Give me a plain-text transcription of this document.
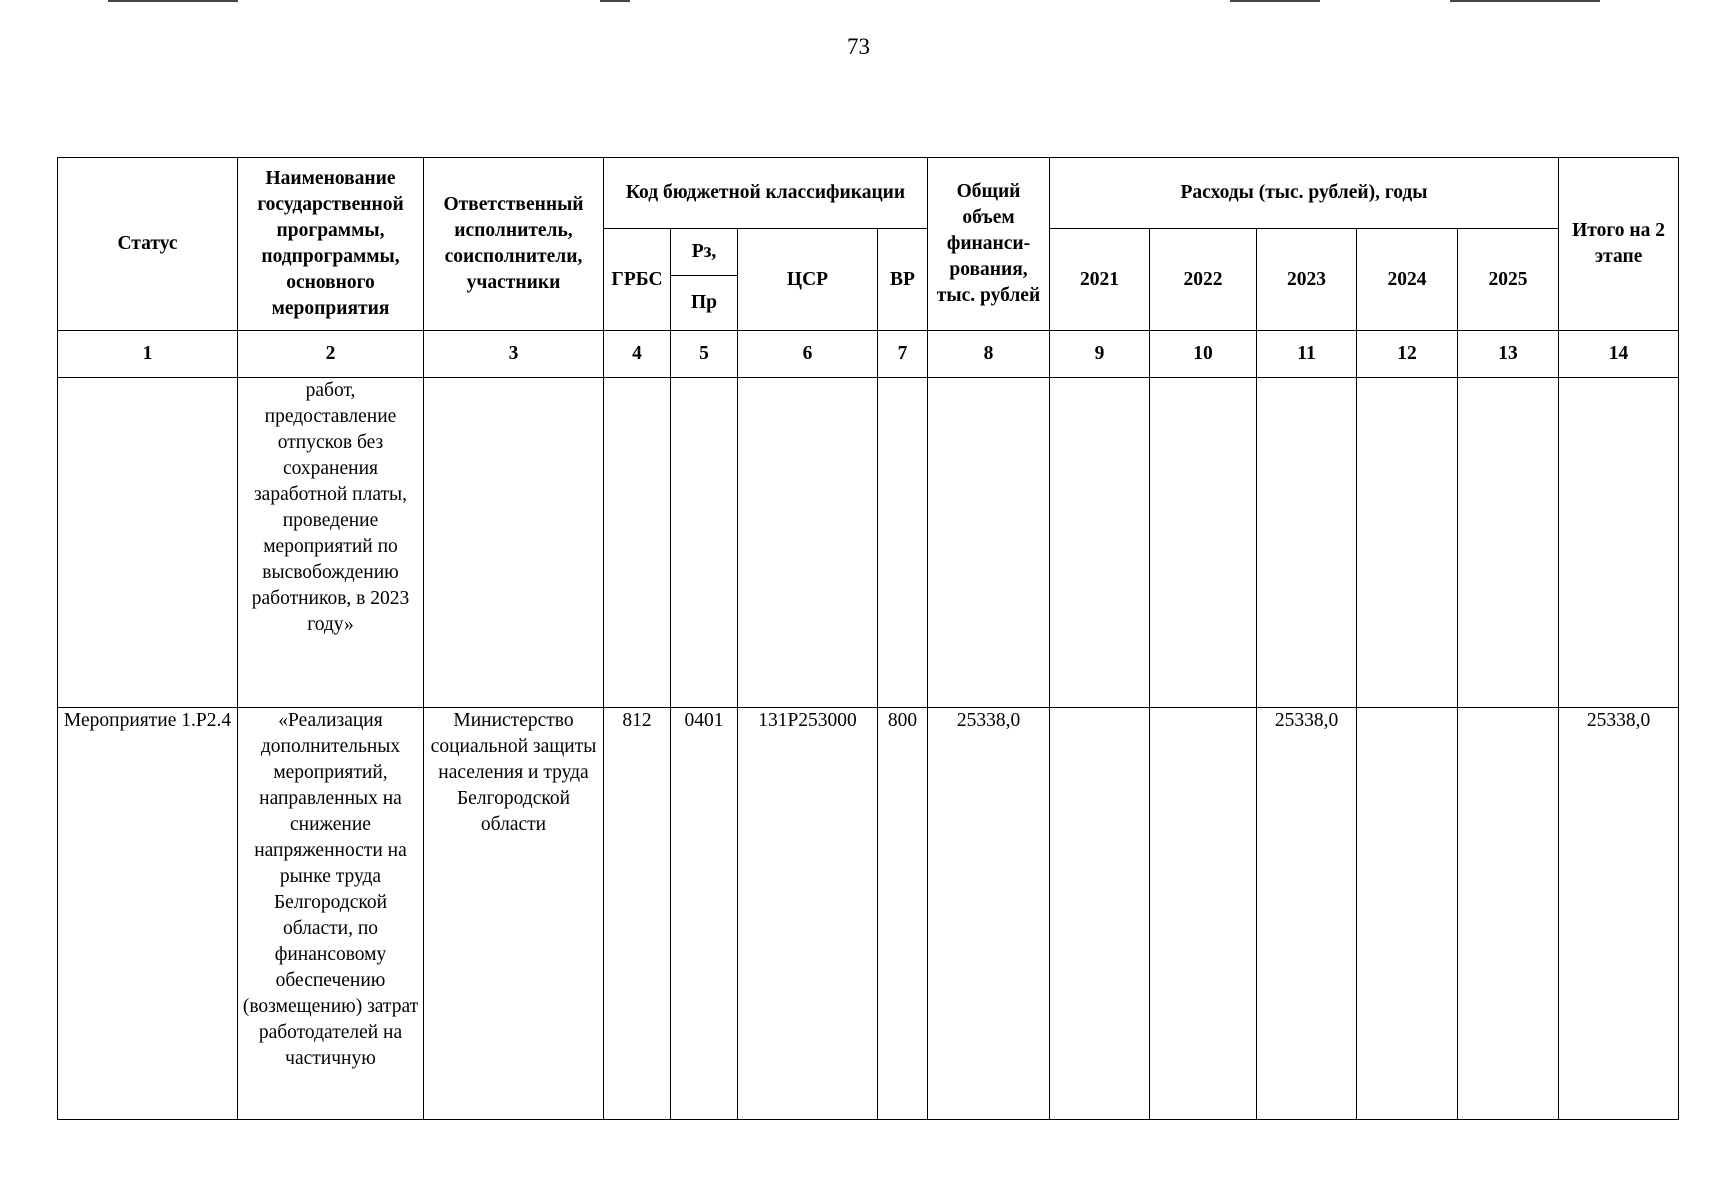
73
Статус	Наименование государственной программы, подпрограммы, основного мероприятия	Ответственный исполнитель, соисполнители, участники	Код бюджетной классификации				Общий объем финанси-рования, тыс. рублей	Расходы (тыс. рублей), годы					Итого на 2 этапе
			ГРБС	Рз,	ЦСР	ВР		2021	2022	2023	2024	2025	
				Пр									
1	2	3	4	5	6	7	8	9	10	11	12	13	14
	работ, предоставление отпусков без сохранения заработной платы, проведение мероприятий по высвобождению работников, в 2023 году»												
Мероприятие 1.Р2.4	«Реализация дополнительных мероприятий, направленных на снижение напряженности на рынке труда Белгородской области, по финансовому обеспечению (возмещению) затрат работодателей на частичную	Министерство социальной защиты населения и труда Белгородской области	812	0401	131Р253000	800	25338,0			25338,0			25338,0
